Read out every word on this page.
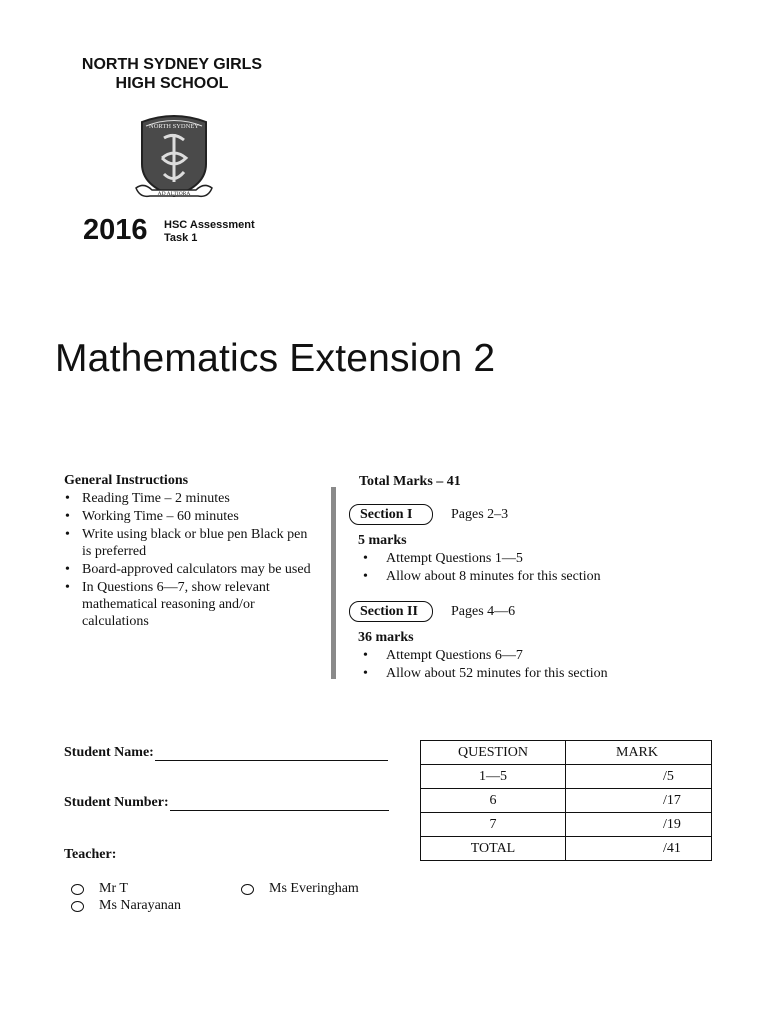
NORTH SYDNEY GIRLS
HIGH SCHOOL
NORTH SYDNEY
AD ALTIORA
2016 HSC Assessment
Task 1
Mathematics Extension 2
General Instructions
• Reading Time – 2 minutes
• Working Time – 60 minutes
• Write using black or blue pen Black pen is preferred
• Board-approved calculators may be used
• In Questions 6—7, show relevant mathematical reasoning and/or calculations
Total Marks – 41
Section I	Pages 2–3
5 marks
• Attempt Questions 1—5
• Allow about 8 minutes for this section
Section II	Pages 4—6
36 marks
• Attempt Questions 6—7
• Allow about 52 minutes for this section
Student Name:
Student Number:
Teacher:
Mr T	Ms Everingham
Ms Narayanan
QUESTION	MARK
1—5	/5
6	/17
7	/19
TOTAL	/41
